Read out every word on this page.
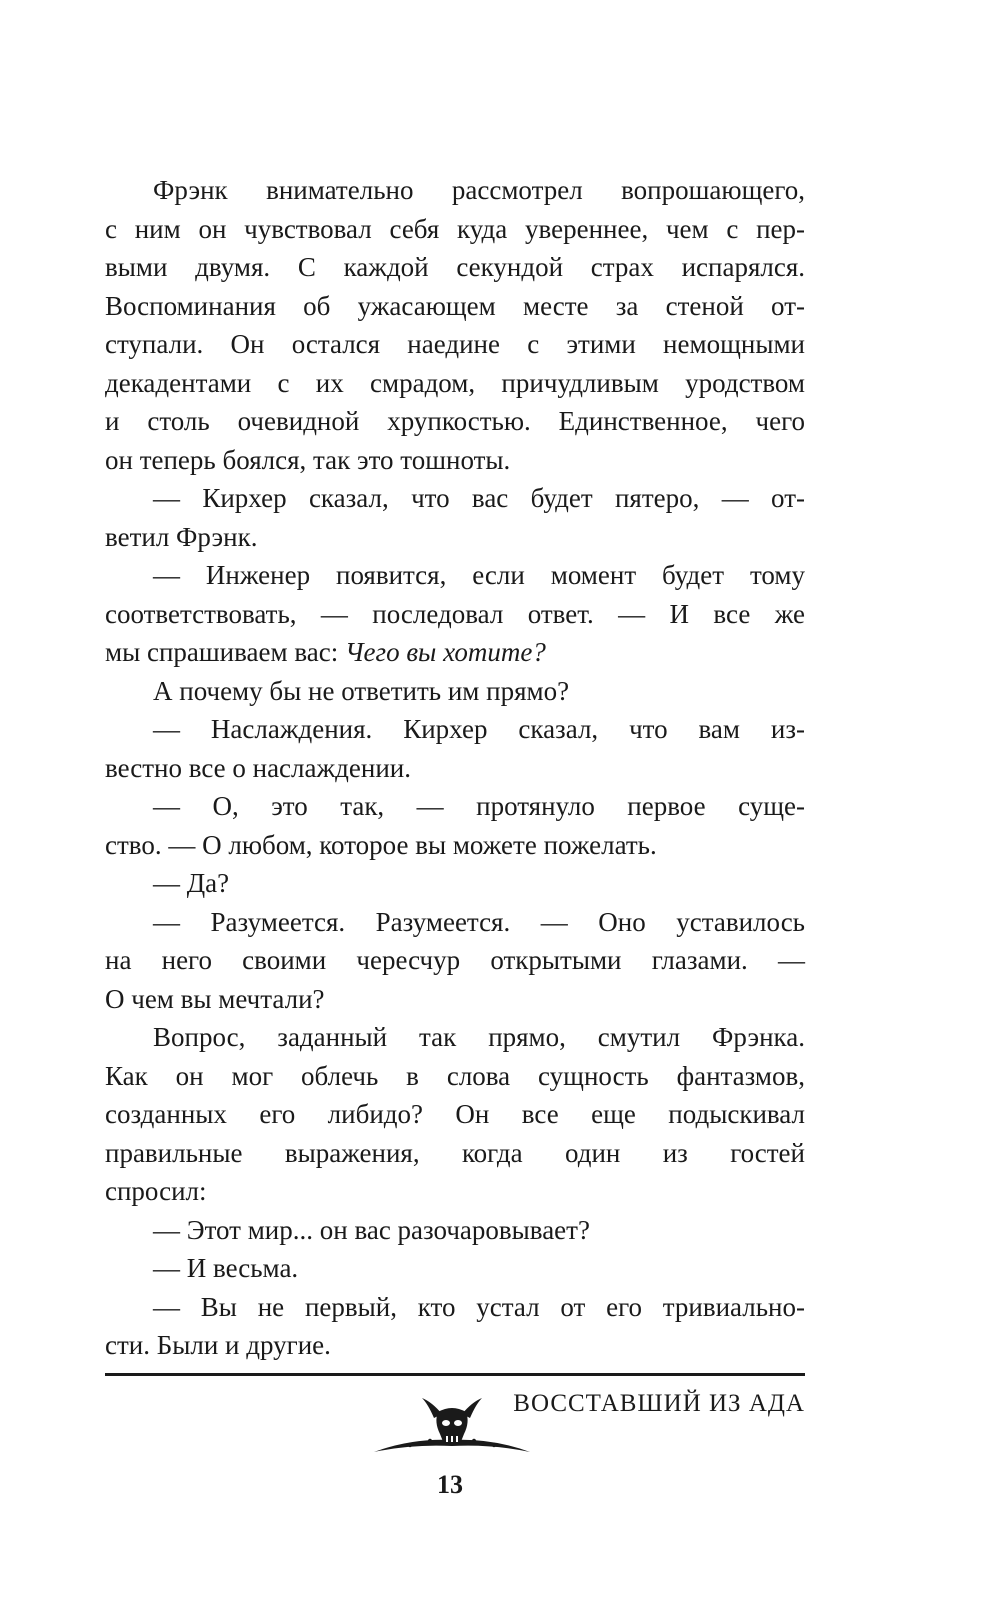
Фрэнк внимательно рассмотрел вопрошающего,
с ним он чувствовал себя куда увереннее, чем с пер-
выми двумя. С каждой секундой страх испарялся.
Воспоминания об ужасающем месте за стеной от-
ступали. Он остался наедине с этими немощными
декадентами с их смрадом, причудливым уродством
и столь очевидной хрупкостью. Единственное, чего
он теперь боялся, так это тошноты.
— Кирхер сказал, что вас будет пятеро, — от-
ветил Фрэнк.
— Инженер появится, если момент будет тому
соответствовать, — последовал ответ. — И все же
мы спрашиваем вас: Чего вы хотите?
А почему бы не ответить им прямо?
— Наслаждения. Кирхер сказал, что вам из-
вестно все о наслаждении.
— О, это так, — протянуло первое суще-
ство. — О любом, которое вы можете пожелать.
— Да?
— Разумеется. Разумеется. — Оно уставилось
на него своими чересчур открытыми глазами. —
О чем вы мечтали?
Вопрос, заданный так прямо, смутил Фрэнка.
Как он мог облечь в слова сущность фантазмов,
созданных его либидо? Он все еще подыскивал
правильные выражения, когда один из гостей
спросил:
— Этот мир... он вас разочаровывает?
— И весьма.
— Вы не первый, кто устал от его тривиально-
сти. Были и другие.
ВОССТАВШИЙ ИЗ АДА
13
